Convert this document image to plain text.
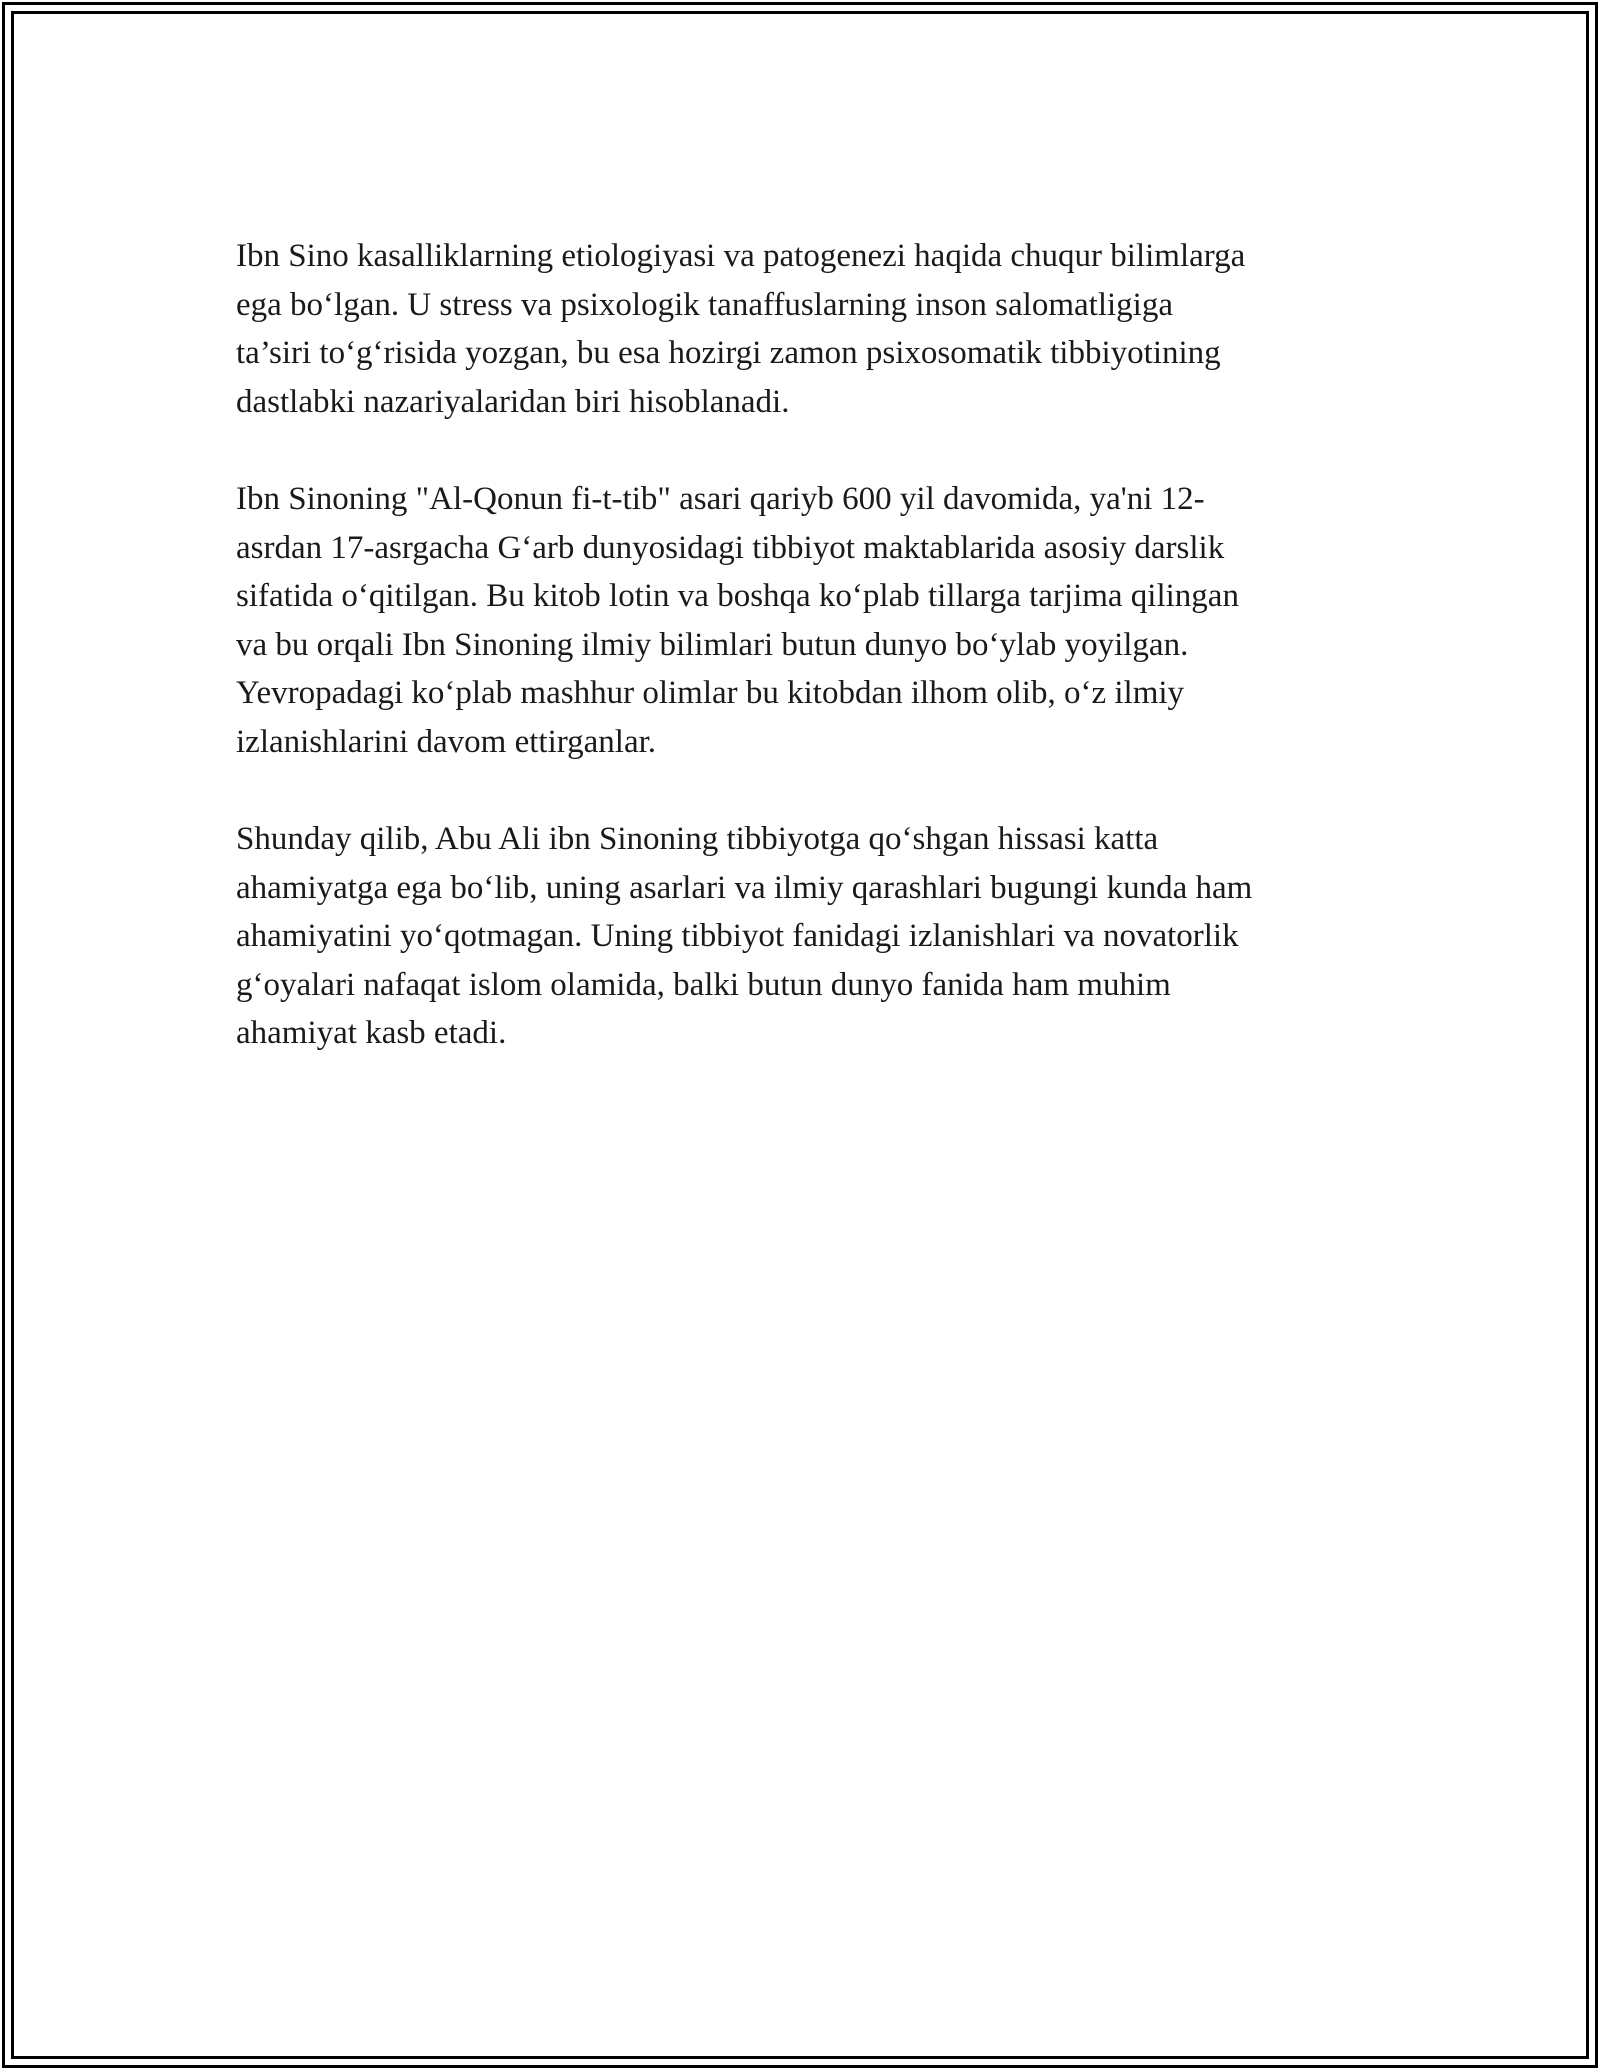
Ibn Sino kasalliklarning etiologiyasi va patogenezi haqida chuqur bilimlarga
ega bo‘lgan. U stress va psixologik tanaffuslarning inson salomatligiga
ta’siri to‘g‘risida yozgan, bu esa hozirgi zamon psixosomatik tibbiyotining
dastlabki nazariyalaridan biri hisoblanadi.

Ibn Sinoning "Al-Qonun fi-t-tib" asari qariyb 600 yil davomida, ya'ni 12-
asrdan 17-asrgacha G‘arb dunyosidagi tibbiyot maktablarida asosiy darslik
sifatida o‘qitilgan. Bu kitob lotin va boshqa ko‘plab tillarga tarjima qilingan
va bu orqali Ibn Sinoning ilmiy bilimlari butun dunyo bo‘ylab yoyilgan.
Yevropadagi ko‘plab mashhur olimlar bu kitobdan ilhom olib, o‘z ilmiy
izlanishlarini davom ettirganlar.

Shunday qilib, Abu Ali ibn Sinoning tibbiyotga qo‘shgan hissasi katta
ahamiyatga ega bo‘lib, uning asarlari va ilmiy qarashlari bugungi kunda ham
ahamiyatini yo‘qotmagan. Uning tibbiyot fanidagi izlanishlari va novatorlik
g‘oyalari nafaqat islom olamida, balki butun dunyo fanida ham muhim
ahamiyat kasb etadi.
